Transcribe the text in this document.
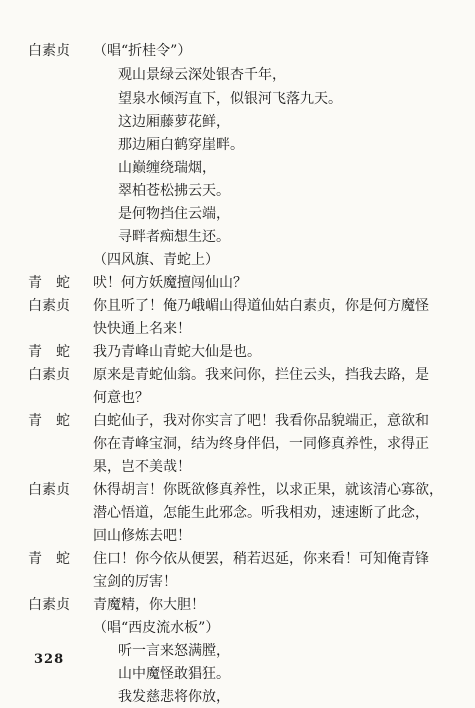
白素贞 （唱“折桂令”）
观山景绿云深处银杏千年，
望泉水倾泻直下，似银河飞落九天。
这边厢藤萝花鲜，
那边厢白鹤穿崖畔。
山巅缠绕瑞烟，
翠柏苍松拂云天。
是何物挡住云端，
寻畔者痴想生还。
（四风旗、青蛇上）
青　蛇 吠！何方妖魔擅闯仙山？
白素贞 你且听了！俺乃峨嵋山得道仙姑白素贞，你是何方魔怪
快快通上名来！
青　蛇 我乃青峰山青蛇大仙是也。
白素贞 原来是青蛇仙翁。我来问你，拦住云头，挡我去路，是
何意也？
青　蛇 白蛇仙子，我对你实言了吧！我看你品貌端正，意欲和
你在青峰宝洞，结为终身伴侣，一同修真养性，求得正
果，岂不美哉！
白素贞 休得胡言！你既欲修真养性，以求正果，就该清心寡欲，
潜心悟道，怎能生此邪念。听我相劝，速速断了此念，
回山修炼去吧！
青　蛇 住口！你今依从便罢，稍若迟延，你来看！可知俺青锋
宝剑的厉害！
白素贞 青魔精，你大胆！
（唱“西皮流水板”）
听一言来怒满膛，
山中魔怪敢猖狂。
我发慈悲将你放，
328
